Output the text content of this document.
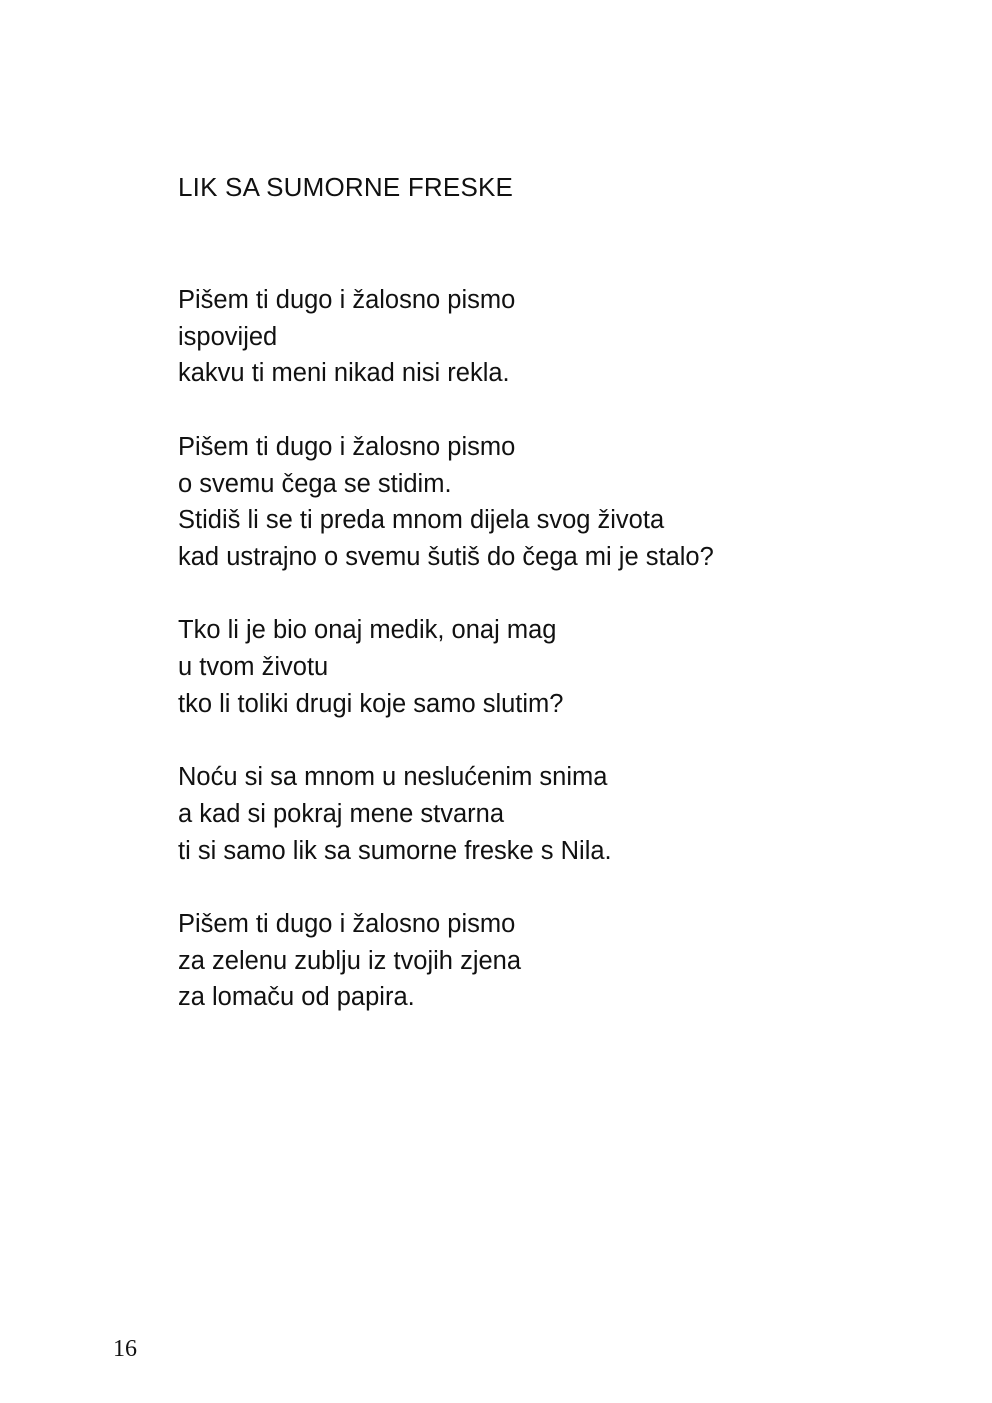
LIK SA SUMORNE FRESKE
Pišem ti dugo i žalosno pismo
ispovijed
kakvu ti meni nikad nisi rekla.
Pišem ti dugo i žalosno pismo
o svemu čega se stidim.
Stidiš li se ti preda mnom dijela svog života
kad ustrajno o svemu šutiš do čega mi je stalo?
Tko li je bio onaj medik, onaj mag
u tvom životu
tko li toliki drugi koje samo slutim?
Noću si sa mnom u neslućenim snima
a kad si pokraj mene stvarna
ti si samo lik sa sumorne freske s Nila.
Pišem ti dugo i žalosno pismo
za zelenu zublju iz tvojih zjena
za lomaču od papira.
16
